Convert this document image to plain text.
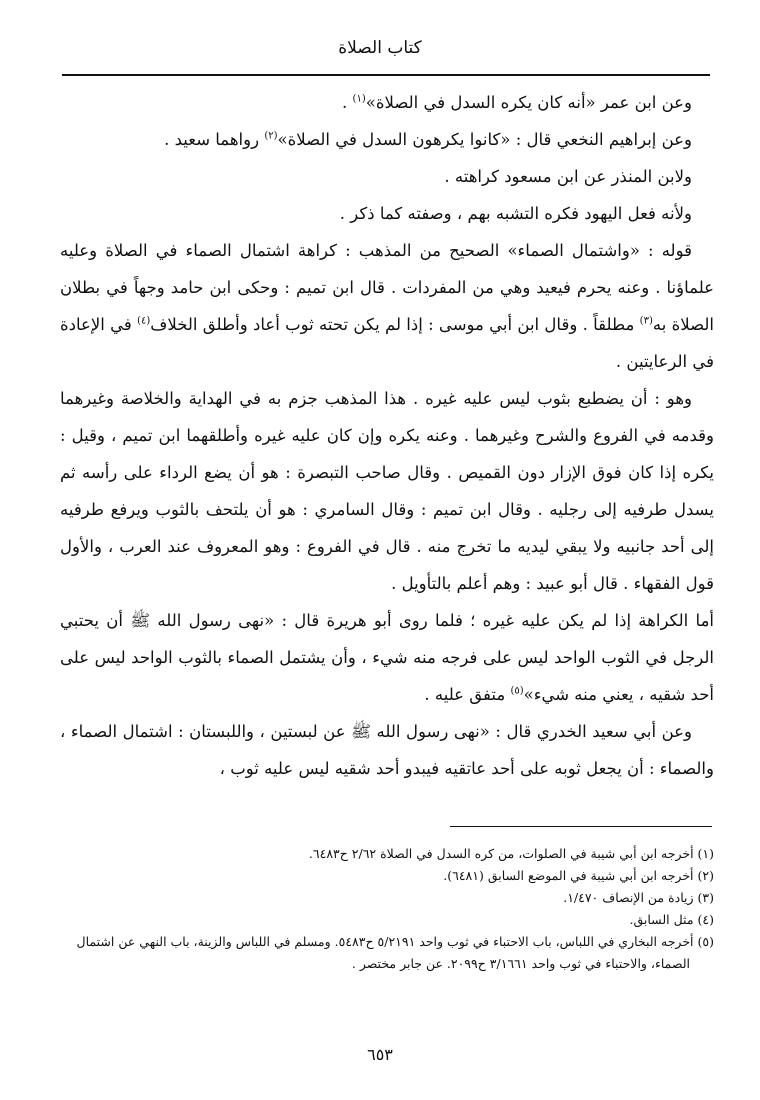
كتاب الصلاة

وعن ابن عمر «أنه كان يكره السدل في الصلاة»$^{(١)}$ .

وعن إبراهيم النخعي قال : «كانوا يكرهون السدل في الصلاة»$^{(٢)}$ رواهما سعيد .

ولابن المنذر عن ابن مسعود كراهته .

ولأنه فعل اليهود فكره التشبه بهم ، وصفته كما ذكر .

قوله : «واشتمال الصماء» الصحيح من المذهب : كراهة اشتمال الصماء في الصلاة وعليه علماؤنا . وعنه يحرم فيعيد وهي من المفردات . قال ابن تميم : وحكى ابن حامد وجهاً في بطلان الصلاة به$^{(٣)}$ مطلقاً . وقال ابن أبي موسى : إذا لم يكن تحته ثوب أعاد وأطلق الخلاف$^{(٤)}$ في الإعادة في الرعايتين .

وهو : أن يضطبع بثوب ليس عليه غيره . هذا المذهب جزم به في الهداية والخلاصة وغيرهما وقدمه في الفروع والشرح وغيرهما . وعنه يكره وإن كان عليه غيره وأطلقهما ابن تميم ، وقيل : يكره إذا كان فوق الإزار دون القميص . وقال صاحب التبصرة : هو أن يضع الرداء على رأسه ثم يسدل طرفيه إلى رجليه . وقال ابن تميم : وقال السامري : هو أن يلتحف بالثوب ويرفع طرفيه إلى أحد جانبيه ولا يبقي ليديه ما تخرج منه . قال في الفروع : وهو المعروف عند العرب ، والأول قول الفقهاء . قال أبو عبيد : وهم أعلم بالتأويل .

أما الكراهة إذا لم يكن عليه غيره ؛ فلما روى أبو هريرة قال : «نهى رسول الله ﷺ أن يحتبي الرجل في الثوب الواحد ليس على فرجه منه شيء ، وأن يشتمل الصماء بالثوب الواحد ليس على أحد شقيه ، يعني منه شيء»$^{(٥)}$ متفق عليه .

وعن أبي سعيد الخدري قال : «نهى رسول الله ﷺ عن لبستين ، واللبستان : اشتمال الصماء ، والصماء : أن يجعل ثوبه على أحد عاتقيه فيبدو أحد شقيه ليس عليه ثوب ،

(١) أخرجه ابن أبي شيبة في الصلوات، من كره السدل في الصلاة ٢/٦٢ ح٦٤٨٣.

(٢) أخرجه ابن أبي شيبة في الموضع السابق (٦٤٨١).

(٣) زيادة من الإنصاف ١/٤٧٠.

(٤) مثل السابق.

(٥) أخرجه البخاري في اللباس، باب الاحتباء في ثوب واحد ٥/٢١٩١ ح٥٤٨٣. ومسلم في اللباس والزينة، باب النهي عن اشتمال الصماء، والاحتباء في ثوب واحد ٣/١٦٦١ ح٢٠٩٩. عن جابر مختصر .

٦٥٣
